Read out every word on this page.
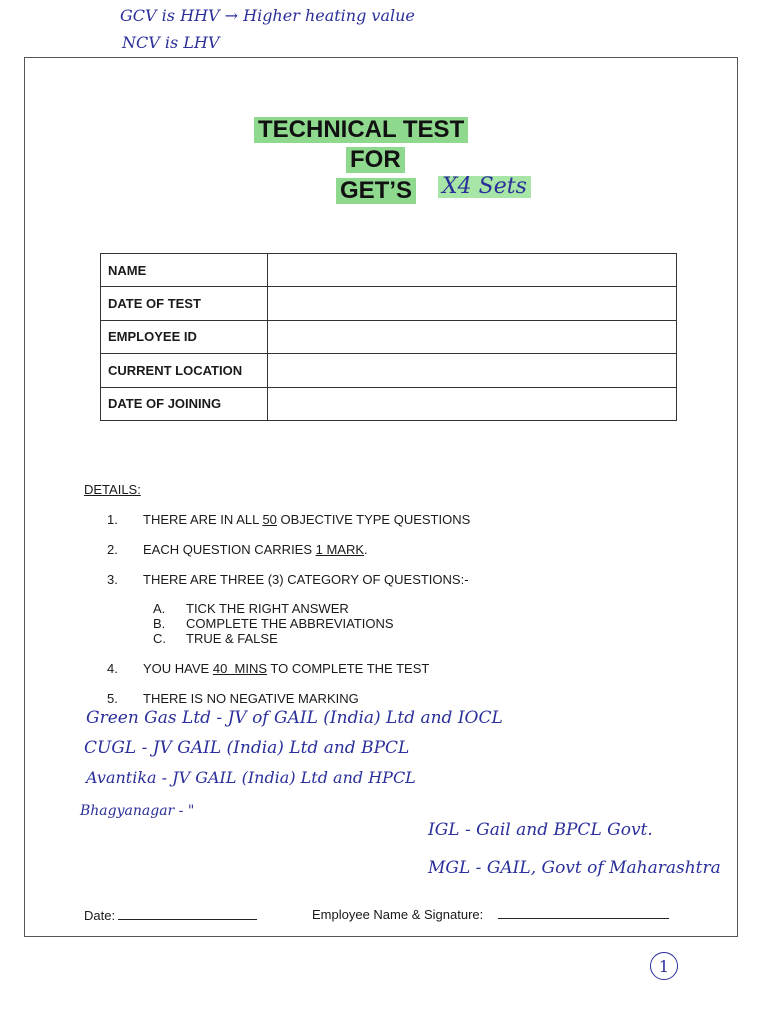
GCV is HHV → Higher heating value
NCV is LHV
TECHNICAL TEST
FOR
GET’S X4 Sets
NAME	
DATE OF TEST	
EMPLOYEE ID	
CURRENT LOCATION	
DATE OF JOINING	
DETAILS:
1. THERE ARE IN ALL 50 OBJECTIVE TYPE QUESTIONS
2. EACH QUESTION CARRIES 1 MARK.
3. THERE ARE THREE (3) CATEGORY OF QUESTIONS:-
A. TICK THE RIGHT ANSWER
B. COMPLETE THE ABBREVIATIONS
C. TRUE & FALSE
4. YOU HAVE 40  MINS TO COMPLETE THE TEST
5. THERE IS NO NEGATIVE MARKING
Green Gas Ltd - JV of GAIL (India) Ltd and IOCL
CUGL - JV GAIL (India) Ltd and BPCL
Avantika - JV GAIL (India) Ltd and HPCL
Bhagyanagar - "
IGL - Gail and BPCL Govt.
MGL - GAIL, Govt of Maharashtra
Date:	Employee Name & Signature:
1
